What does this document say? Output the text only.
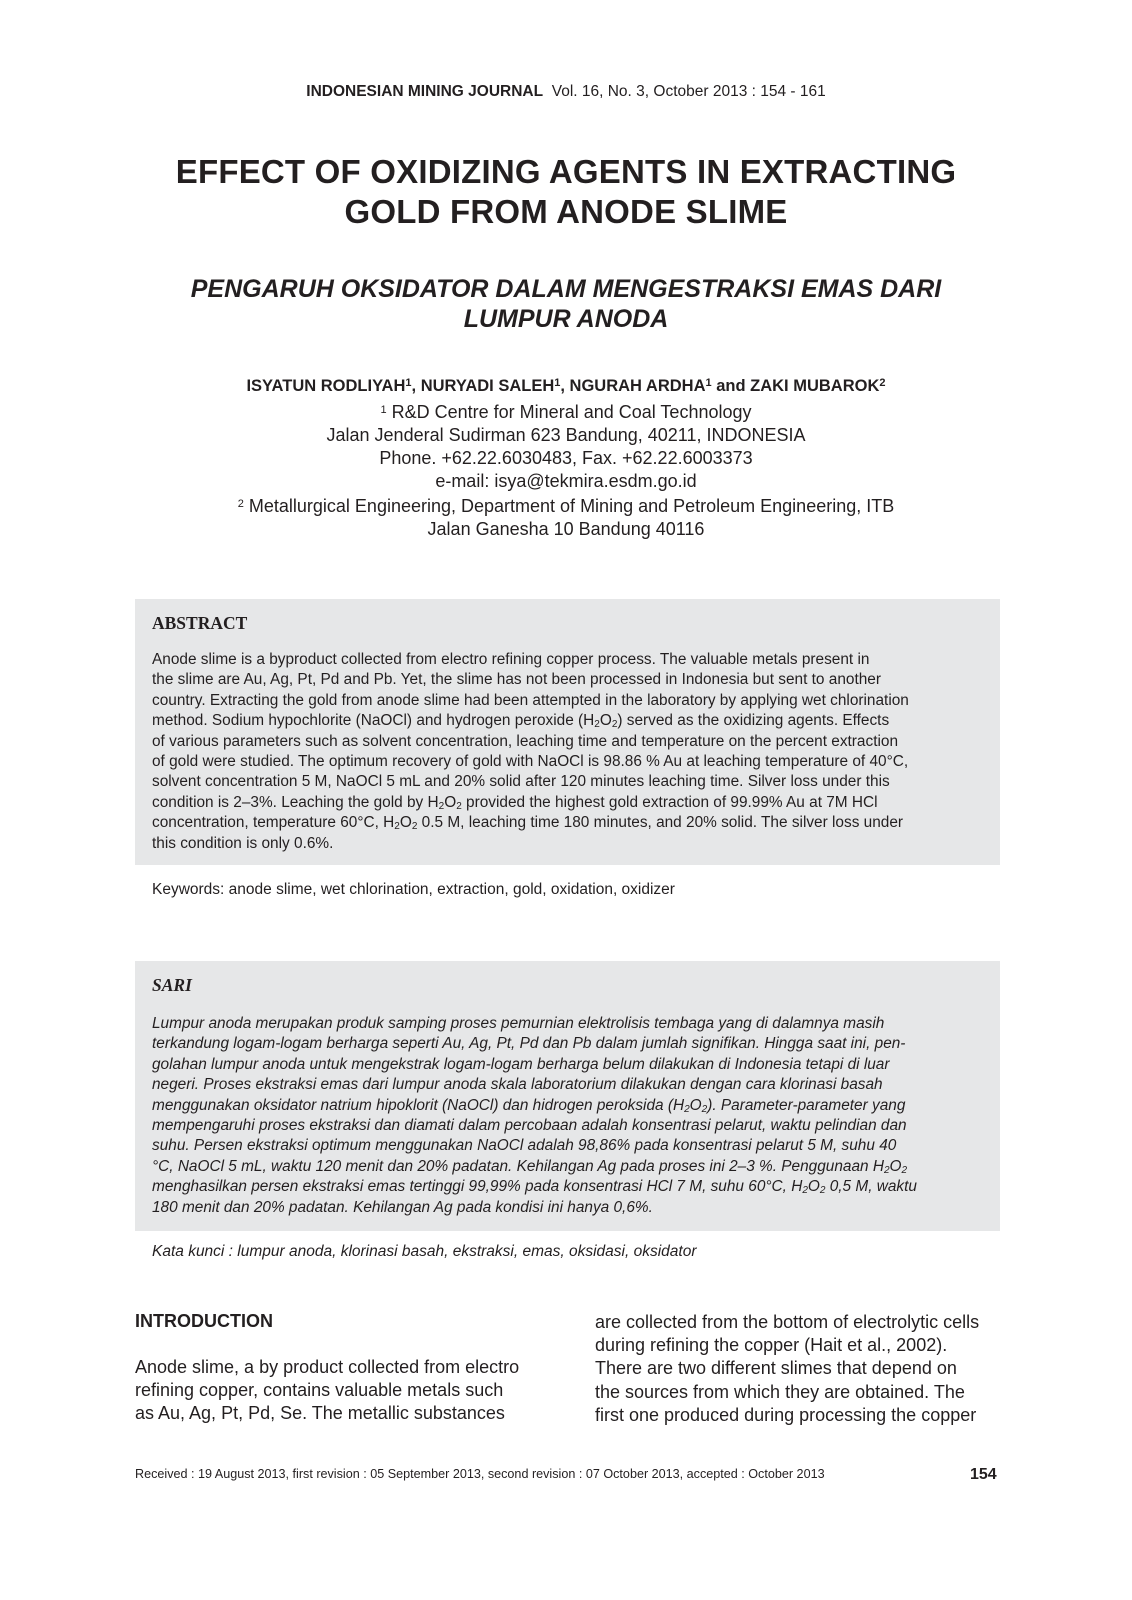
INDONESIAN MINING JOURNAL Vol. 16, No. 3, October 2013 : 154 - 161
EFFECT OF OXIDIZING AGENTS IN EXTRACTING
GOLD FROM ANODE SLIME
PENGARUH OKSIDATOR DALAM MENGESTRAKSI EMAS DARI
LUMPUR ANODA
ISYATUN RODLIYAH$^1$, NURYADI SALEH$^1$, NGURAH ARDHA$^1$ and ZAKI MUBAROK$^2$
$^1$ R&D Centre for Mineral and Coal Technology
Jalan Jenderal Sudirman 623 Bandung, 40211, INDONESIA
Phone. +62.22.6030483, Fax. +62.22.6003373
e-mail: isya@tekmira.esdm.go.id
$^2$ Metallurgical Engineering, Department of Mining and Petroleum Engineering, ITB
Jalan Ganesha 10 Bandung 40116
ABSTRACT
Anode slime is a byproduct collected from electro refining copper process. The valuable metals present in
the slime are Au, Ag, Pt, Pd and Pb. Yet, the slime has not been processed in Indonesia but sent to another
country. Extracting the gold from anode slime had been attempted in the laboratory by applying wet chlorination
method. Sodium hypochlorite (NaOCl) and hydrogen peroxide $(H_2O_2)$ served as the oxidizing agents. Effects
of various parameters such as solvent concentration, leaching time and temperature on the percent extraction
of gold were studied. The optimum recovery of gold with NaOCl is 98.86 % Au at leaching temperature of 40°C,
solvent concentration 5 M, NaOCl 5 mL and 20% solid after 120 minutes leaching time. Silver loss under this
condition is 2–3%. Leaching the gold by $H_2O_2$ provided the highest gold extraction of 99.99% Au at 7M HCl
concentration, temperature 60°C, $H_2O_2$ 0.5 M, leaching time 180 minutes, and 20% solid. The silver loss under
this condition is only 0.6%.
Keywords: anode slime, wet chlorination, extraction, gold, oxidation, oxidizer
SARI
Lumpur anoda merupakan produk samping proses pemurnian elektrolisis tembaga yang di dalamnya masih
terkandung logam-logam berharga seperti Au, Ag, Pt, Pd dan Pb dalam jumlah signifikan. Hingga saat ini, pen-
golahan lumpur anoda untuk mengekstrak logam-logam berharga belum dilakukan di Indonesia tetapi di luar
negeri. Proses ekstraksi emas dari lumpur anoda skala laboratorium dilakukan dengan cara klorinasi basah
menggunakan oksidator natrium hipoklorit (NaOCl) dan hidrogen peroksida $(H_2O_2)$. Parameter-parameter yang
mempengaruhi proses ekstraksi dan diamati dalam percobaan adalah konsentrasi pelarut, waktu pelindian dan
suhu. Persen ekstraksi optimum menggunakan NaOCl adalah 98,86% pada konsentrasi pelarut 5 M, suhu 40
°C, NaOCl 5 mL, waktu 120 menit dan 20% padatan. Kehilangan Ag pada proses ini 2–3 %. Penggunaan $H_2O_2$
menghasilkan persen ekstraksi emas tertinggi 99,99% pada konsentrasi HCl 7 M, suhu 60°C, $H_2O_2$ 0,5 M, waktu
180 menit dan 20% padatan. Kehilangan Ag pada kondisi ini hanya 0,6%.
Kata kunci : lumpur anoda, klorinasi basah, ekstraksi, emas, oksidasi, oksidator
INTRODUCTION
Anode slime, a by product collected from electro
refining copper, contains valuable metals such
as Au, Ag, Pt, Pd, Se. The metallic substances
are collected from the bottom of electrolytic cells
during refining the copper (Hait et al., 2002).
There are two different slimes that depend on
the sources from which they are obtained. The
first one produced during processing the copper
Received : 19 August 2013, first revision : 05 September 2013, second revision : 07 October 2013, accepted : October 2013	154
